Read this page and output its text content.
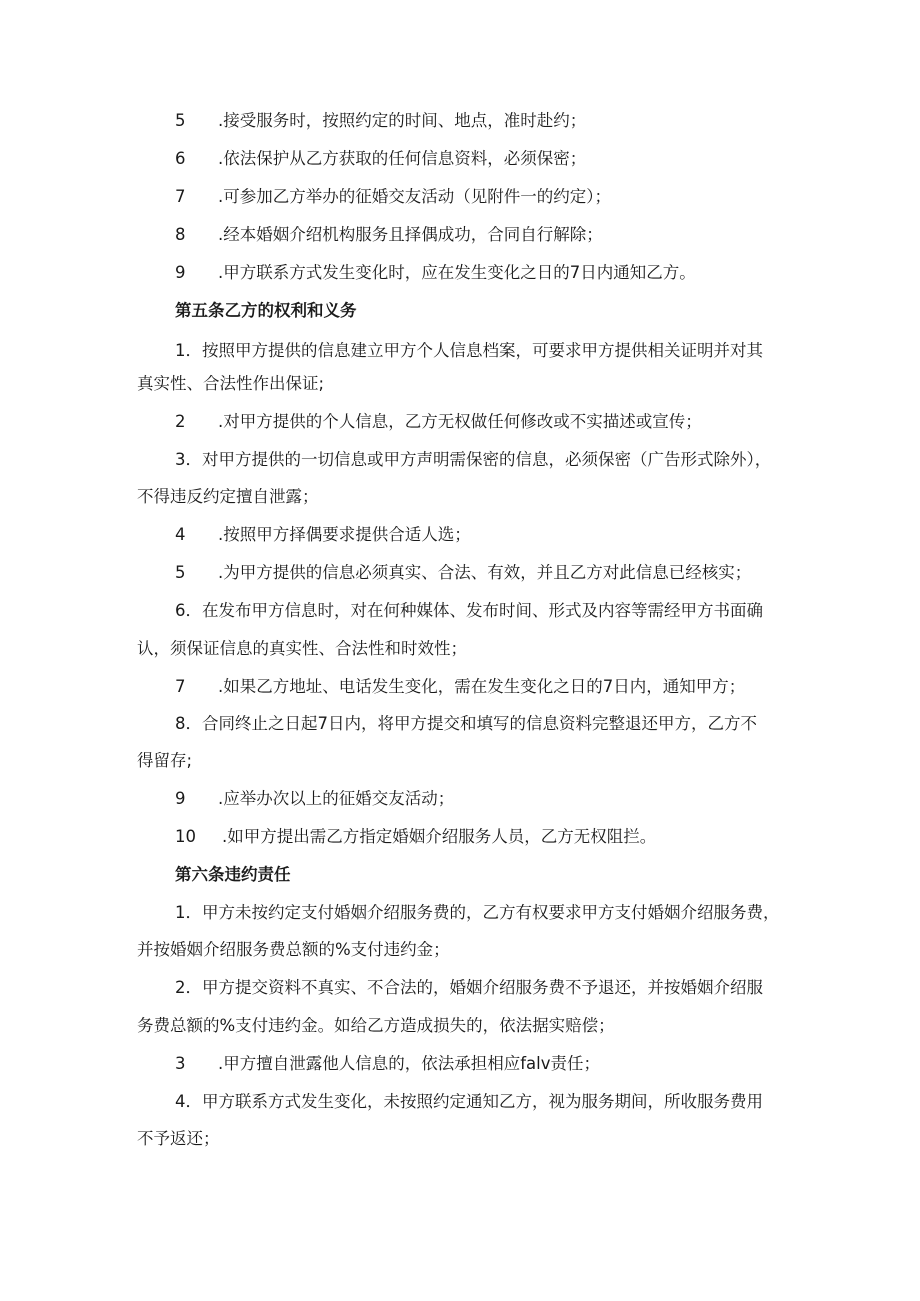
5 .接受服务时，按照约定的时间、地点，准时赴约；
6 .依法保护从乙方获取的任何信息资料，必须保密；
7 .可参加乙方举办的征婚交友活动（见附件一的约定）；
8 .经本婚姻介绍机构服务且择偶成功，合同自行解除；
9 .甲方联系方式发生变化时，应在发生变化之日的7日内通知乙方。
第五条乙方的权利和义务
1．按照甲方提供的信息建立甲方个人信息档案，可要求甲方提供相关证明并对其
真实性、合法性作出保证;
2 .对甲方提供的个人信息，乙方无权做任何修改或不实描述或宣传；
3．对甲方提供的一切信息或甲方声明需保密的信息，必须保密（广告形式除外），
不得违反约定擅自泄露；
4 .按照甲方择偶要求提供合适人选；
5 .为甲方提供的信息必须真实、合法、有效，并且乙方对此信息已经核实；
6．在发布甲方信息时，对在何种媒体、发布时间、形式及内容等需经甲方书面确
认，须保证信息的真实性、合法性和时效性；
7 .如果乙方地址、电话发生变化，需在发生变化之日的7日内，通知甲方；
8．合同终止之日起7日内，将甲方提交和填写的信息资料完整退还甲方，乙方不
得留存;
9 .应举办次以上的征婚交友活动；
10 .如甲方提出需乙方指定婚姻介绍服务人员，乙方无权阻拦。
第六条违约责任
1．甲方未按约定支付婚姻介绍服务费的，乙方有权要求甲方支付婚姻介绍服务费，
并按婚姻介绍服务费总额的%支付违约金；
2．甲方提交资料不真实、不合法的，婚姻介绍服务费不予退还，并按婚姻介绍服
务费总额的%支付违约金。如给乙方造成损失的，依法据实赔偿；
3 .甲方擅自泄露他人信息的，依法承担相应falv责任；
4．甲方联系方式发生变化，未按照约定通知乙方，视为服务期间，所收服务费用
不予返还；
